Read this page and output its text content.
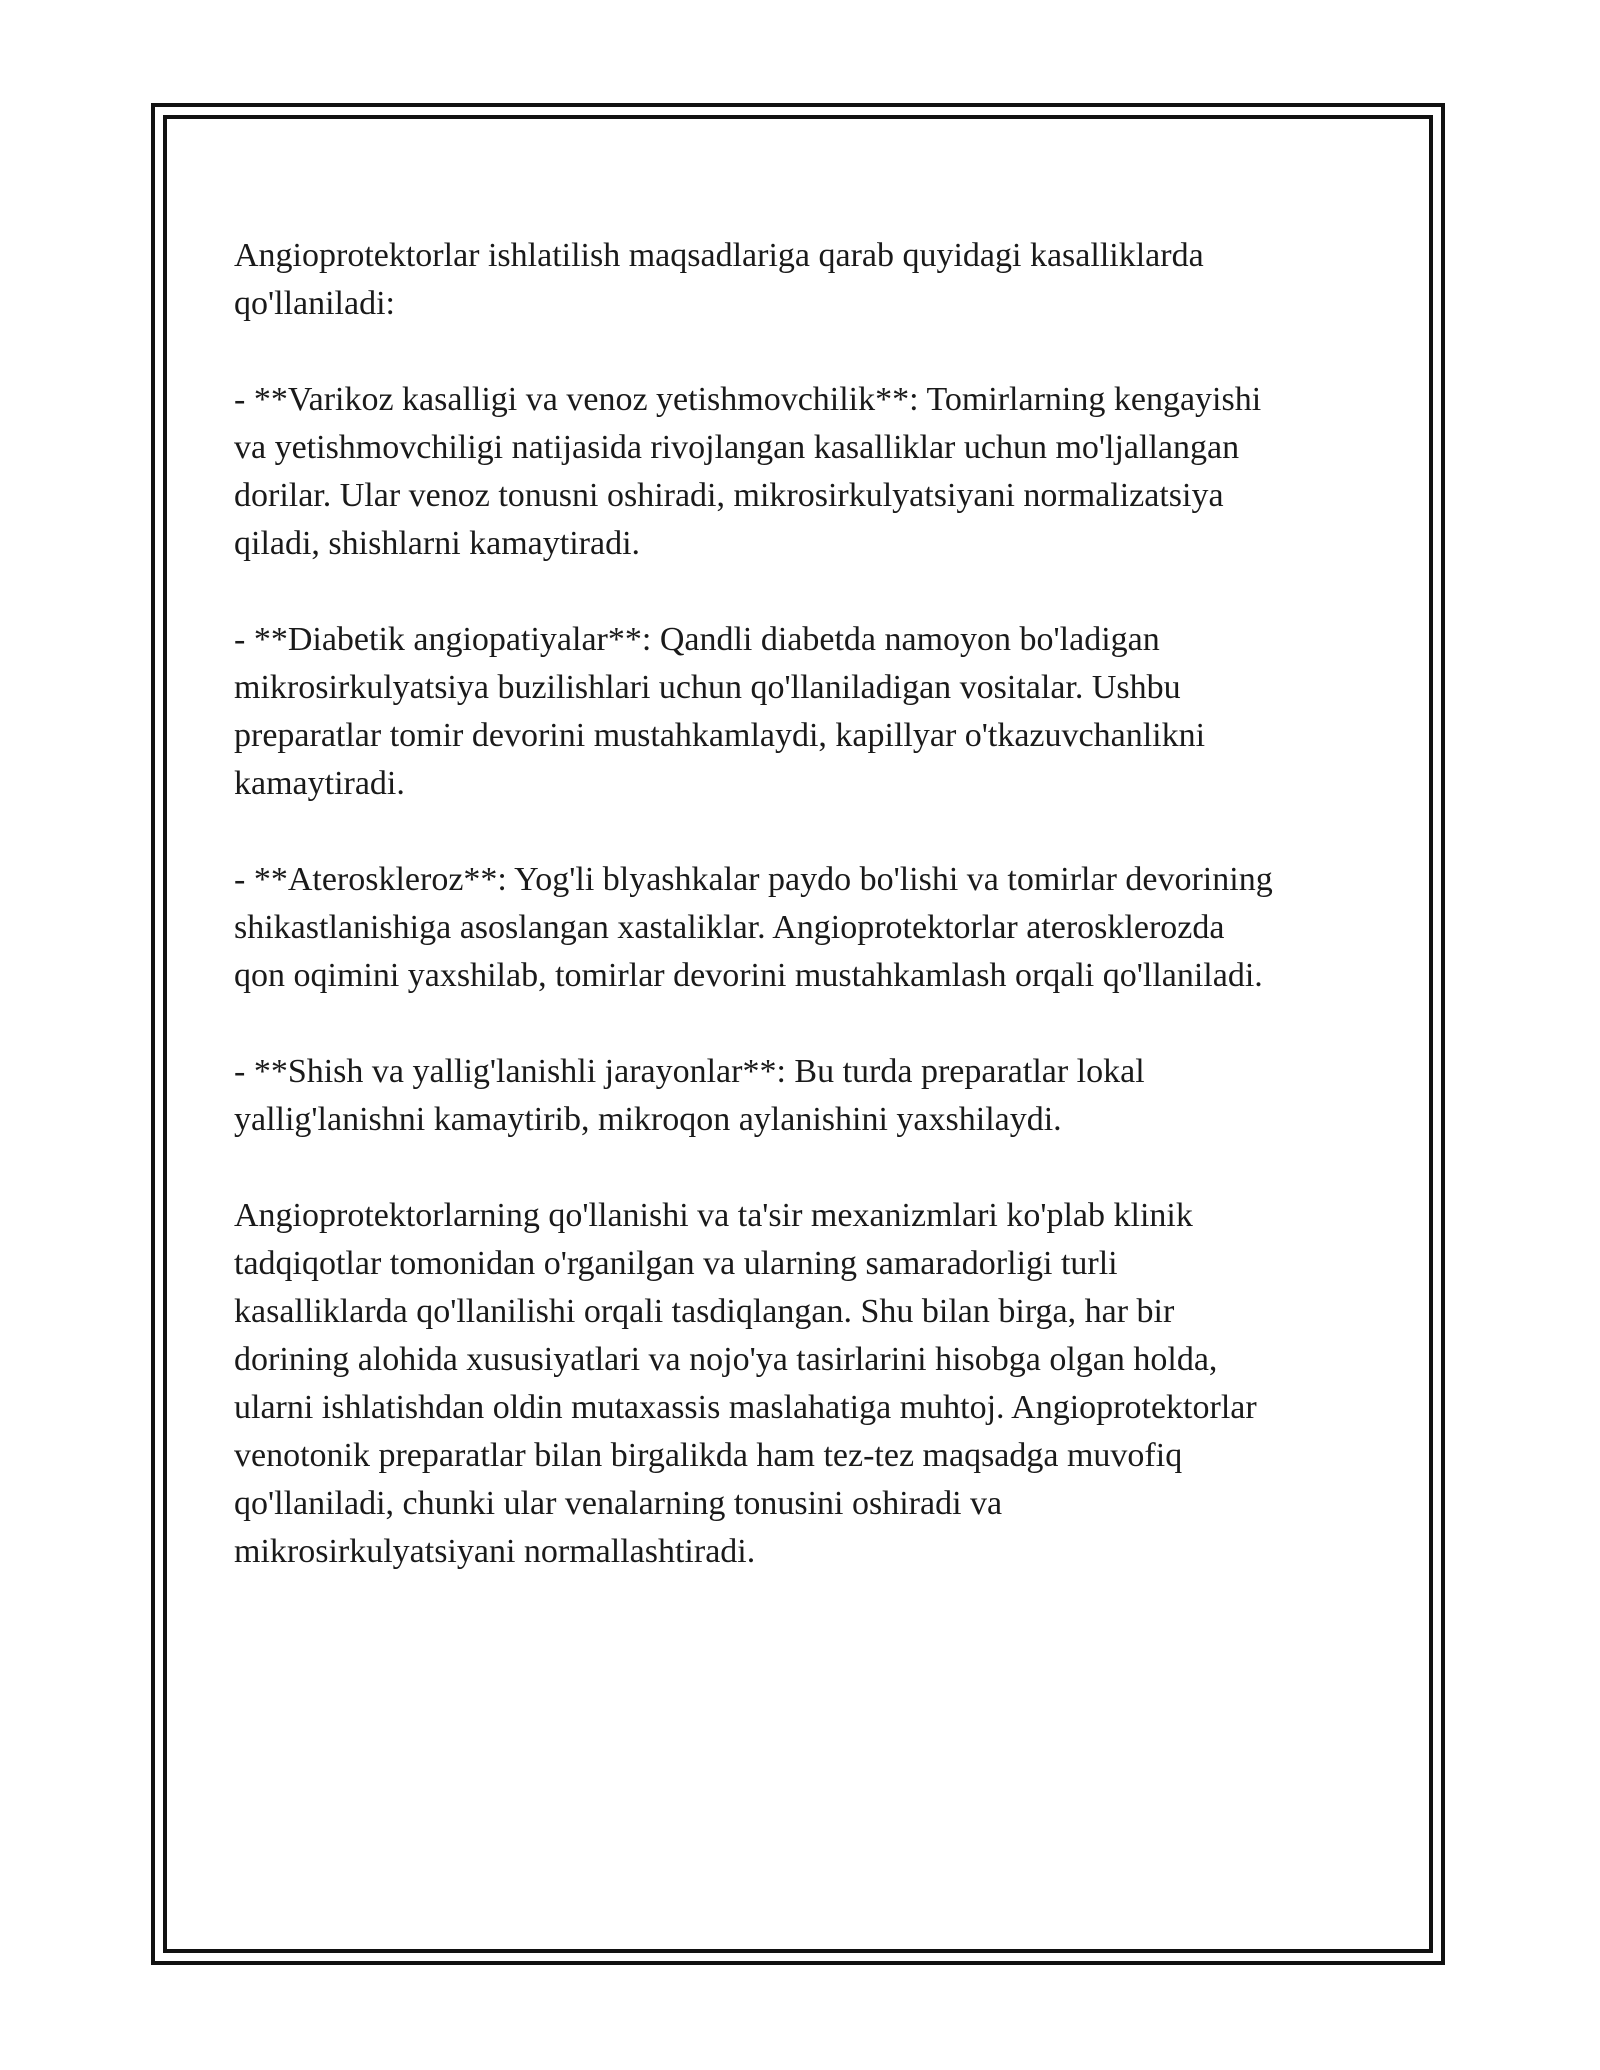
Angioprotektorlar ishlatilish maqsadlariga qarab quyidagi kasalliklarda
qo'llaniladi:

- **Varikoz kasalligi va venoz yetishmovchilik**: Tomirlarning kengayishi
va yetishmovchiligi natijasida rivojlangan kasalliklar uchun mo'ljallangan
dorilar. Ular venoz tonusni oshiradi, mikrosirkulyatsiyani normalizatsiya
qiladi, shishlarni kamaytiradi.

- **Diabetik angiopatiyalar**: Qandli diabetda namoyon bo'ladigan
mikrosirkulyatsiya buzilishlari uchun qo'llaniladigan vositalar. Ushbu
preparatlar tomir devorini mustahkamlaydi, kapillyar o'tkazuvchanlikni
kamaytiradi.

- **Ateroskleroz**: Yog'li blyashkalar paydo bo'lishi va tomirlar devorining
shikastlanishiga asoslangan xastaliklar. Angioprotektorlar aterosklerozda
qon oqimini yaxshilab, tomirlar devorini mustahkamlash orqali qo'llaniladi.

- **Shish va yallig'lanishli jarayonlar**: Bu turda preparatlar lokal
yallig'lanishni kamaytirib, mikroqon aylanishini yaxshilaydi.

Angioprotektorlarning qo'llanishi va ta'sir mexanizmlari ko'plab klinik
tadqiqotlar tomonidan o'rganilgan va ularning samaradorligi turli
kasalliklarda qo'llanilishi orqali tasdiqlangan. Shu bilan birga, har bir
dorining alohida xususiyatlari va nojo'ya tasirlarini hisobga olgan holda,
ularni ishlatishdan oldin mutaxassis maslahatiga muhtoj. Angioprotektorlar
venotonik preparatlar bilan birgalikda ham tez-tez maqsadga muvofiq
qo'llaniladi, chunki ular venalarning tonusini oshiradi va
mikrosirkulyatsiyani normallashtiradi.
